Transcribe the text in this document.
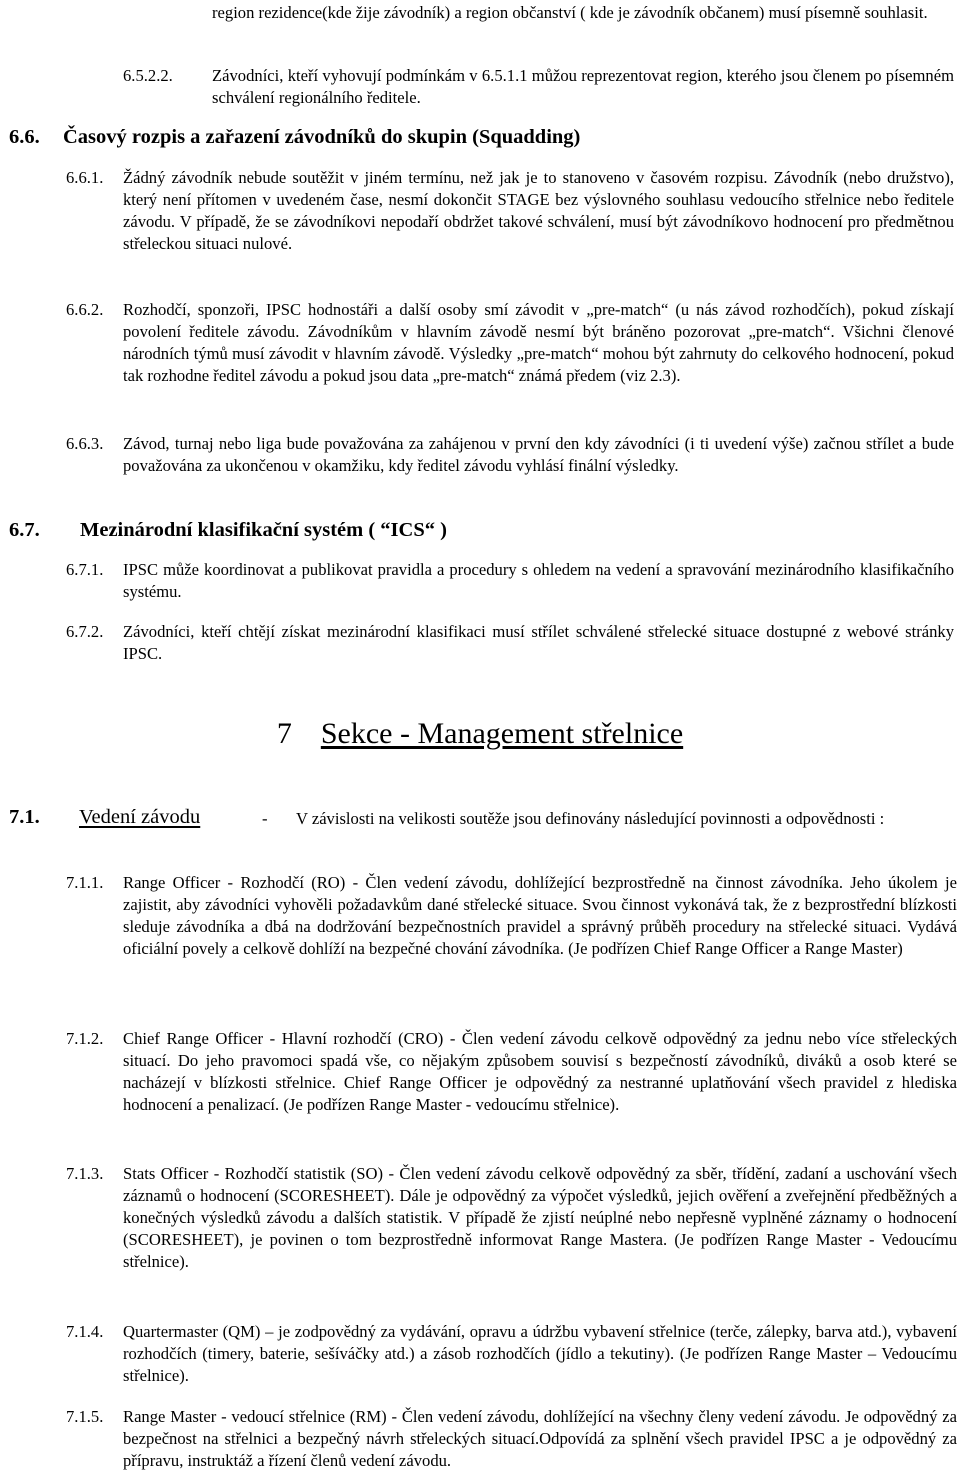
region rezidence(kde žije závodník) a region občanství ( kde je závodník občanem) musí písemně souhlasit.
6.5.2.2. Závodníci, kteří vyhovují podmínkám v 6.5.1.1 můžou reprezentovat region, kterého jsou členem po písemném schválení regionálního ředitele.
6.6. Časový rozpis a zařazení závodníků do skupin (Squadding)
6.6.1. Žádný závodník nebude soutěžit v jiném termínu, než jak je to stanoveno v časovém rozpisu. Závodník (nebo družstvo), který není přítomen v uvedeném čase, nesmí dokončit STAGE bez výslovného souhlasu vedoucího střelnice nebo ředitele závodu. V případě, že se závodníkovi nepodaří obdržet takové schválení, musí být závodníkovo hodnocení pro předmětnou střeleckou situaci nulové.
6.6.2. Rozhodčí, sponzoři, IPSC hodnostáři a další osoby smí závodit v „pre-match“ (u nás závod rozhodčích), pokud získají povolení ředitele závodu. Závodníkům v hlavním závodě nesmí být bráněno pozorovat „pre-match“. Všichni členové národních týmů musí závodit v hlavním závodě. Výsledky „pre-match“ mohou být zahrnuty do celkového hodnocení, pokud tak rozhodne ředitel závodu a pokud jsou data „pre-match“ známá předem (viz 2.3).
6.6.3. Závod, turnaj nebo liga bude považována za zahájenou v první den kdy závodníci (i ti uvedení výše) začnou střílet a bude považována za ukončenou v okamžiku, kdy ředitel závodu vyhlásí finální výsledky.
6.7. Mezinárodní klasifikační systém ( “ICS“ )
6.7.1. IPSC může koordinovat a publikovat pravidla a procedury s ohledem na vedení a spravování mezinárodního klasifikačního systému.
6.7.2. Závodníci, kteří chtějí získat mezinárodní klasifikaci musí střílet schválené střelecké situace dostupné z webové stránky IPSC.
7 Sekce - Management střelnice
7.1. Vedení závodu	-	V závislosti na velikosti soutěže jsou definovány následující povinnosti a odpovědnosti :
7.1.1. Range Officer - Rozhodčí (RO) - Člen vedení závodu, dohlížející bezprostředně na činnost závodníka. Jeho úkolem je zajistit, aby závodníci vyhověli požadavkům dané střelecké situace. Svou činnost vykonává tak, že z bezprostřední blízkosti sleduje závodníka a dbá na dodržování bezpečnostních pravidel a správný průběh procedury na střelecké situaci. Vydává oficiální povely a celkově dohlíží na bezpečné chování závodníka. (Je podřízen Chief Range Officer a Range Master)
7.1.2. Chief Range Officer - Hlavní rozhodčí (CRO) - Člen vedení závodu celkově odpovědný za jednu nebo více střeleckých situací. Do jeho pravomoci spadá vše, co nějakým způsobem souvisí s bezpečností závodníků, diváků a osob které se nacházejí v blízkosti střelnice. Chief Range Officer je odpovědný za nestranné uplatňování všech pravidel z hlediska hodnocení a penalizací. (Je podřízen Range Master - vedoucímu střelnice).
7.1.3. Stats Officer - Rozhodčí statistik (SO) - Člen vedení závodu celkově odpovědný za sběr, třídění, zadaní a uschování všech záznamů o hodnocení (SCORESHEET). Dále je odpovědný za výpočet výsledků, jejich ověření a zveřejnění předběžných a konečných výsledků závodu a dalších statistik. V případě že zjistí neúplné nebo nepřesně vyplněné záznamy o hodnocení (SCORESHEET), je povinen o tom bezprostředně informovat Range Mastera. (Je podřízen Range Master - Vedoucímu střelnice).
7.1.4. Quartermaster (QM) – je zodpovědný za vydávání, opravu a údržbu vybavení střelnice (terče, zálepky, barva atd.), vybavení rozhodčích (timery, baterie, sešíváčky atd.) a zásob rozhodčích (jídlo a tekutiny). (Je podřízen Range Master – Vedoucímu střelnice).
7.1.5. Range Master - vedoucí střelnice (RM) - Člen vedení závodu, dohlížející na všechny členy vedení závodu. Je odpovědný za bezpečnost na střelnici a bezpečný návrh střeleckých situací.Odpovídá za splnění všech pravidel IPSC a je odpovědný za přípravu, instruktáž a řízení členů vedení závodu.
